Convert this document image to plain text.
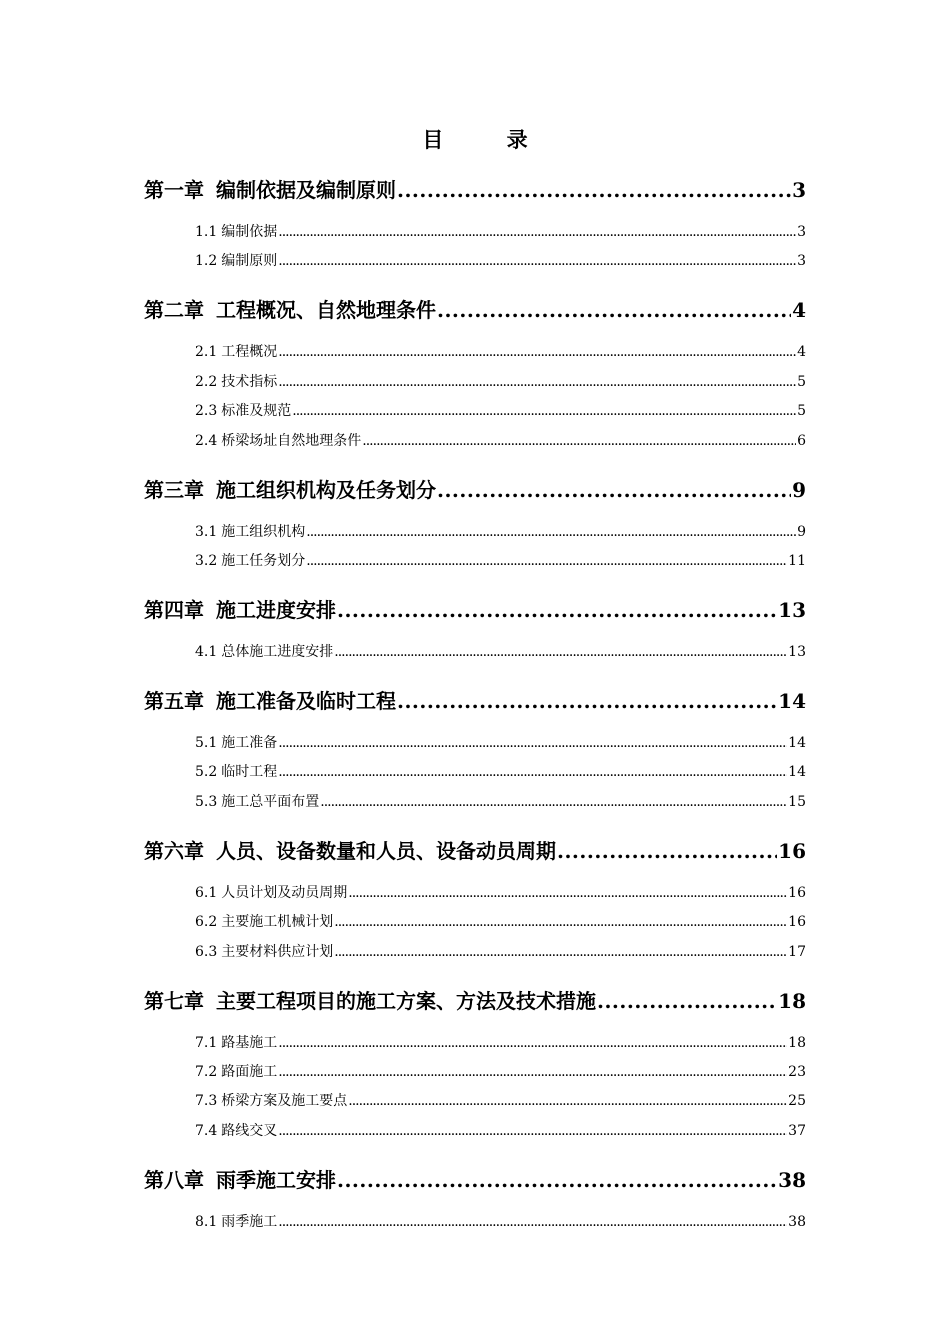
目 录
第一章 编制依据及编制原则 .....	3
1.1 编制依据 .....	3
1.2 编制原则 .....	3
第二章 工程概况、自然地理条件 .....	4
2.1 工程概况 .....	4
2.2 技术指标 .....	5
2.3 标准及规范 .....	5
2.4 桥梁场址自然地理条件 .....	6
第三章 施工组织机构及任务划分 .....	9
3.1 施工组织机构 .....	9
3.2 施工任务划分 .....	11
第四章 施工进度安排 .....	13
4.1 总体施工进度安排 .....	13
第五章 施工准备及临时工程 .....	14
5.1 施工准备 .....	14
5.2 临时工程 .....	14
5.3 施工总平面布置 .....	15
第六章 人员、设备数量和人员、设备动员周期 .....	16
6.1 人员计划及动员周期 .....	16
6.2 主要施工机械计划 .....	16
6.3 主要材料供应计划 .....	17
第七章 主要工程项目的施工方案、方法及技术措施 .....	18
7.1 路基施工 .....	18
7.2 路面施工 .....	23
7.3 桥梁方案及施工要点 .....	25
7.4 路线交叉 .....	37
第八章 雨季施工安排 .....	38
8.1 雨季施工 .....	38
